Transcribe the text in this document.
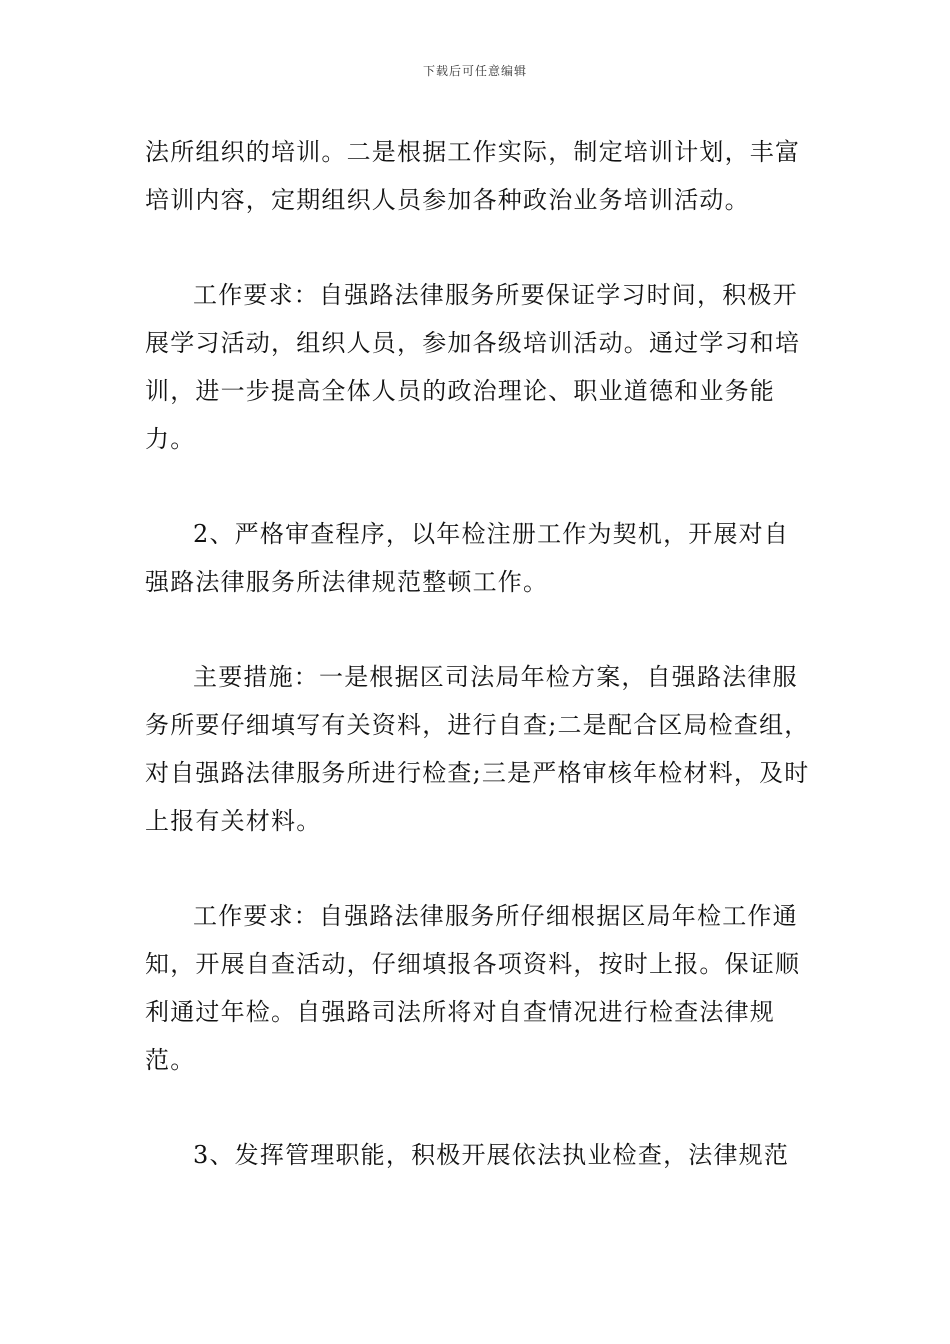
下载后可任意编辑

法所组织的培训。二是根据工作实际，制定培训计划，丰富培训内容，定期组织人员参加各种政治业务培训活动。

工作要求：自强路法律服务所要保证学习时间，积极开展学习活动，组织人员，参加各级培训活动。通过学习和培训，进一步提高全体人员的政治理论、职业道德和业务能力。

2、严格审查程序，以年检注册工作为契机，开展对自强路法律服务所法律规范整顿工作。

主要措施：一是根据区司法局年检方案，自强路法律服务所要仔细填写有关资料，进行自查;二是配合区局检查组，对自强路法律服务所进行检查;三是严格审核年检材料，及时上报有关材料。

工作要求：自强路法律服务所仔细根据区局年检工作通知，开展自查活动，仔细填报各项资料，按时上报。保证顺利通过年检。自强路司法所将对自查情况进行检查法律规范。

3、发挥管理职能，积极开展依法执业检查，法律规范
